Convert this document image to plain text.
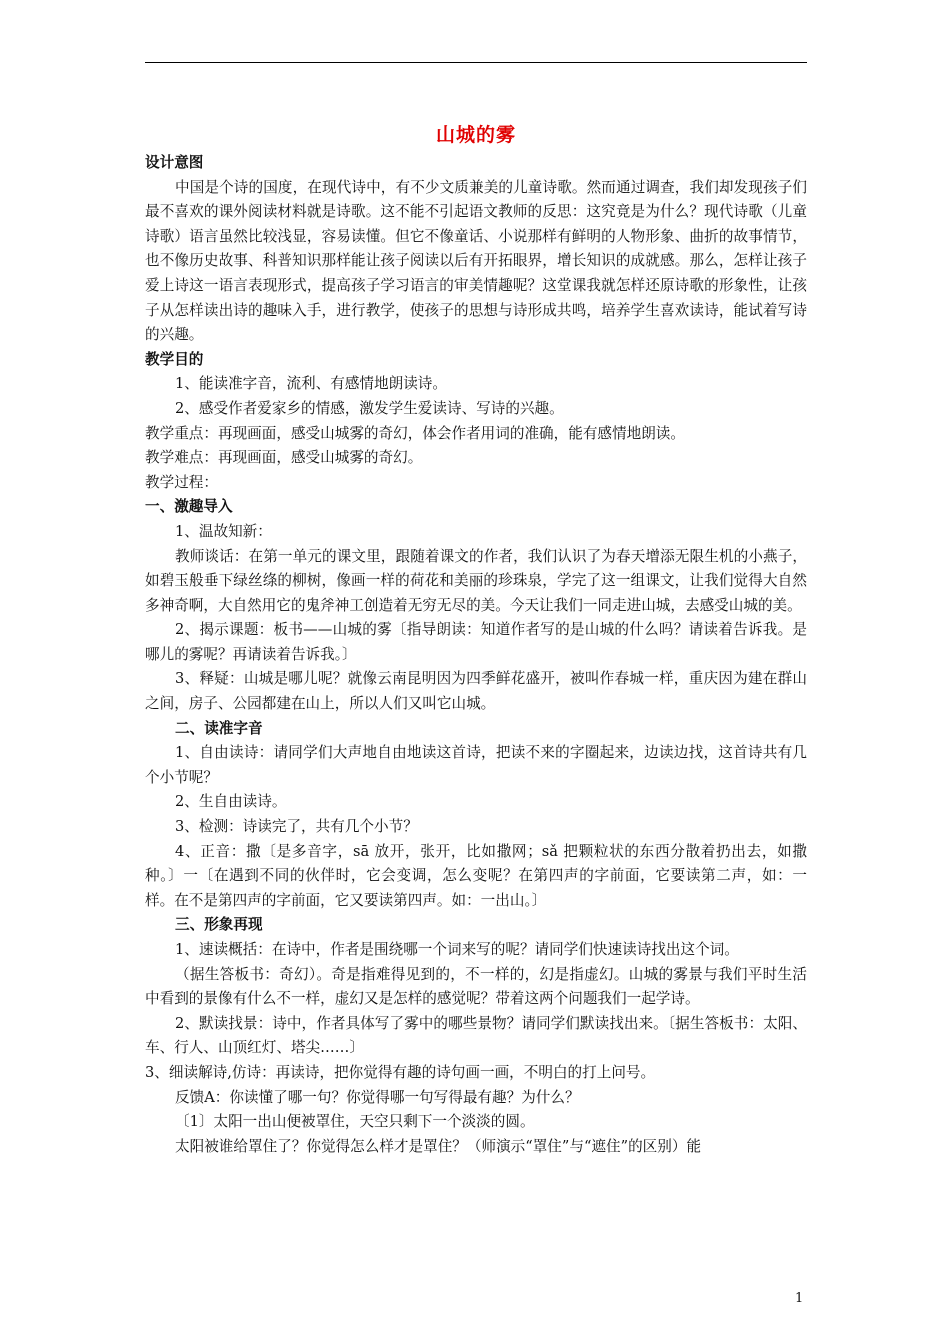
山城的雾

设计意图

中国是个诗的国度，在现代诗中，有不少文质兼美的儿童诗歌。然而通过调查，我们却发现孩子们最不喜欢的课外阅读材料就是诗歌。这不能不引起语文教师的反思：这究竟是为什么？现代诗歌（儿童诗歌）语言虽然比较浅显，容易读懂。但它不像童话、小说那样有鲜明的人物形象、曲折的故事情节，也不像历史故事、科普知识那样能让孩子阅读以后有开拓眼界，增长知识的成就感。那么，怎样让孩子爱上诗这一语言表现形式，提高孩子学习语言的审美情趣呢？这堂课我就怎样还原诗歌的形象性，让孩子从怎样读出诗的趣味入手，进行教学，使孩子的思想与诗形成共鸣，培养学生喜欢读诗，能试着写诗的兴趣。

教学目的

1、能读准字音，流利、有感情地朗读诗。

2、感受作者爱家乡的情感，激发学生爱读诗、写诗的兴趣。

教学重点：再现画面，感受山城雾的奇幻，体会作者用词的准确，能有感情地朗读。

教学难点：再现画面，感受山城雾的奇幻。

教学过程：

一、激趣导入

1、温故知新：

教师谈话：在第一单元的课文里，跟随着课文的作者，我们认识了为春天增添无限生机的小燕子，如碧玉般垂下绿丝绦的柳树，像画一样的荷花和美丽的珍珠泉，学完了这一组课文，让我们觉得大自然多神奇啊，大自然用它的鬼斧神工创造着无穷无尽的美。今天让我们一同走进山城，去感受山城的美。

2、揭示课题：板书——山城的雾〔指导朗读：知道作者写的是山城的什么吗？请读着告诉我。是哪儿的雾呢？再请读着告诉我。〕

3、释疑：山城是哪儿呢？就像云南昆明因为四季鲜花盛开，被叫作春城一样，重庆因为建在群山之间，房子、公园都建在山上，所以人们又叫它山城。

二、读准字音

1、自由读诗：请同学们大声地自由地读这首诗，把读不来的字圈起来，边读边找，这首诗共有几个小节呢？

2、生自由读诗。

3、检测：诗读完了，共有几个小节？

4、正音：撒〔是多音字，sā 放开，张开，比如撒网；sǎ 把颗粒状的东西分散着扔出去，如撒种。〕一〔在遇到不同的伙伴时，它会变调，怎么变呢？在第四声的字前面，它要读第二声，如：一样。在不是第四声的字前面，它又要读第四声。如：一出山。〕

三、形象再现

1、速读概括：在诗中，作者是围绕哪一个词来写的呢？请同学们快速读诗找出这个词。

（据生答板书：奇幻）。奇是指难得见到的，不一样的，幻是指虚幻。山城的雾景与我们平时生活中看到的景像有什么不一样，虚幻又是怎样的感觉呢？带着这两个问题我们一起学诗。

2、默读找景：诗中，作者具体写了雾中的哪些景物？请同学们默读找出来。〔据生答板书：太阳、车、行人、山顶红灯、塔尖……〕

3、细读解诗,仿诗：再读诗，把你觉得有趣的诗句画一画，不明白的打上问号。

反馈A：你读懂了哪一句？你觉得哪一句写得最有趣？为什么？

〔1〕太阳一出山便被罩住，天空只剩下一个淡淡的圆。

太阳被谁给罩住了？你觉得怎么样才是罩住？（师演示“罩住”与“遮住”的区别）能

1
